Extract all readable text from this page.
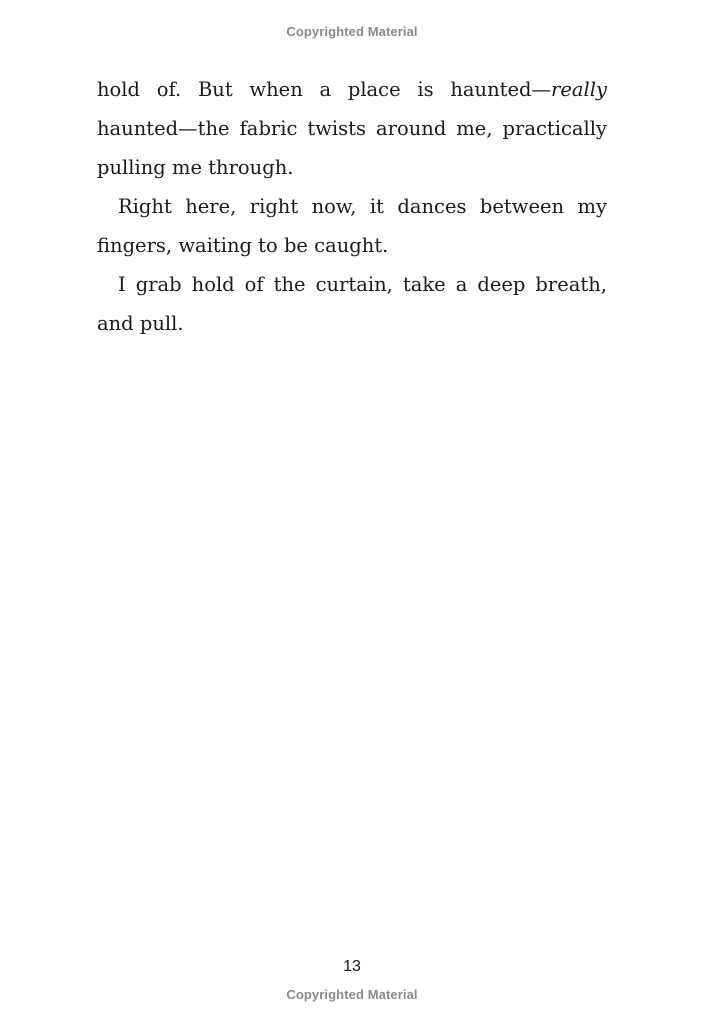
Copyrighted Material

hold of. But when a place is haunted—really haunted—the fabric twists around me, practically pulling me through.

Right here, right now, it dances between my fingers, waiting to be caught.

I grab hold of the curtain, take a deep breath, and pull.

13
Copyrighted Material
